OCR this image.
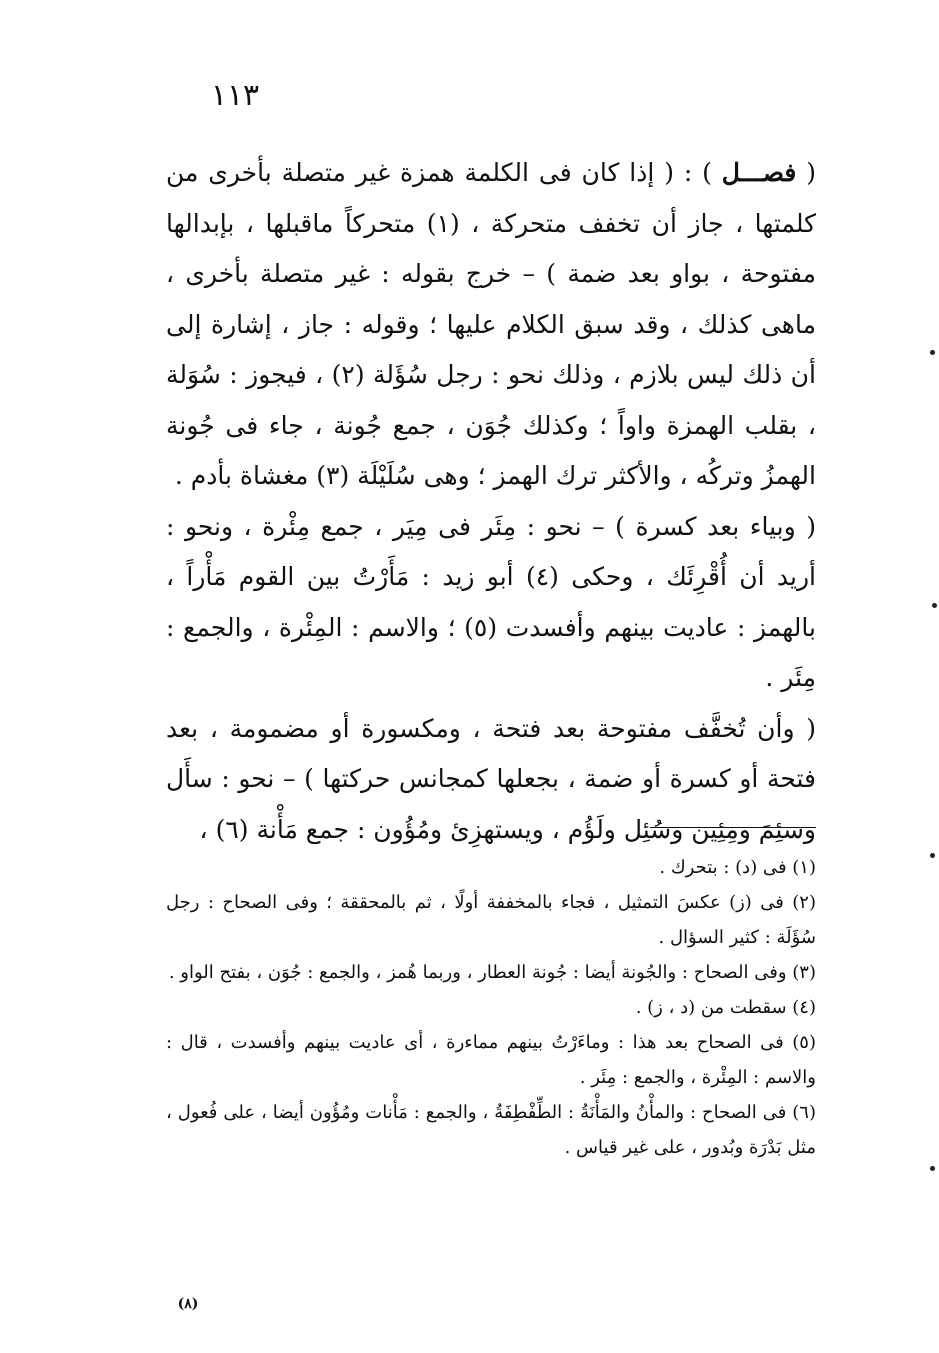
١١٣

( فصـــل ) : ( إذا كان فى الكلمة همزة غير متصلة بأخرى من كلمتها ، جاز أن تخفف متحركة ، (١) متحركاً ماقبلها ، بإبدالها مفتوحة ، بواو بعد ضمة ) – خرج بقوله : غير متصلة بأخرى ، ماهى كذلك ، وقد سبق الكلام عليها ؛ وقوله : جاز ، إشارة إلى أن ذلك ليس بلازم ، وذلك نحو : رجل سُؤَلة (٢) ، فيجوز : سُوَلة ، بقلب الهمزة واواً ؛ وكذلك جُوَن ، جمع جُونة ، جاء فى جُونة الهمزُ وتركُه ، والأكثر ترك الهمز ؛ وهى سُلَيْلَة (٣) مغشاة بأدم .

( وبياء بعد كسرة ) – نحو : مِئَر فى مِيَر ، جمع مِئْرة ، ونحو : أريد أن أُقْرِئَك ، وحكى (٤) أبو زيد : مَأَرْتُ بين القوم مَأْراً ، بالهمز : عاديت بينهم وأفسدت (٥) ؛ والاسم : المِئْرة ، والجمع : مِئَر .

( وأن تُخفَّف مفتوحة بعد فتحة ، ومكسورة أو مضمومة ، بعد فتحة أو كسرة أو ضمة ، بجعلها كمجانس حركتها ) – نحو : سأَل وسئِمَ ومِئِين وسُئِل ولَؤُم ، ويستهزِئ ومُؤُون : جمع مَأْنة (٦) ،

(١) فى (د) : بتحرك .

(٢) فى (ز) عكسَ التمثيل ، فجاء بالمخففة أولًا ، ثم بالمحققة ؛ وفى الصحاح : رجل سُؤَلَة : كثير السؤال .

(٣) وفى الصحاح : والجُونة أيضا : جُونة العطار ، وربما هُمز ، والجمع : جُوَن ، بفتح الواو .

(٤) سقطت من (د ، ز) .

(٥) فى الصحاح بعد هذا : وماءَرْتُ بينهم مماءرة ، أى عاديت بينهم وأفسدت ، قال : والاسم : المِئْرة ، والجمع : مِئَر .

(٦) فى الصحاح : والمأْنُ والمَأْنَةُ : الطِّفْطِفَةُ ، والجمع : مَأْنات ومُؤُون أيضا ، على فُعول ، مثل بَدْرَة وبُدور ، على غير قياس .

(٨)
